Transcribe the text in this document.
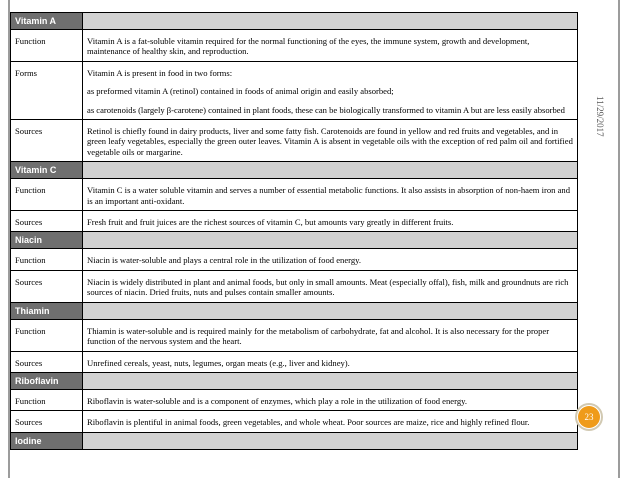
Vitamin A	
Function	Vitamin A is a fat-soluble vitamin required for the normal functioning of the eyes, the immune system, growth and development, maintenance of healthy skin, and reproduction.

Forms	Vitamin A is present in food in two forms:
as preformed vitamin A (retinol) contained in foods of animal origin and easily absorbed;
as carotenoids (largely β-carotene) contained in plant foods, these can be biologically transformed to vitamin A but are less easily absorbed

Sources	Retinol is chiefly found in dairy products, liver and some fatty fish. Carotenoids are found in yellow and red fruits and vegetables, and in green leafy vegetables, especially the green outer leaves. Vitamin A is absent in vegetable oils with the exception of red palm oil and fortified vegetable oils or margarine.

Vitamin C	
Function	Vitamin C is a water soluble vitamin and serves a number of essential metabolic functions. It also assists in absorption of non-haem iron and is an important anti-oxidant.

Sources	Fresh fruit and fruit juices are the richest sources of vitamin C, but amounts vary greatly in different fruits.

Niacin	
Function	Niacin is water-soluble and plays a central role in the utilization of food energy.

Sources	Niacin is widely distributed in plant and animal foods, but only in small amounts. Meat (especially offal), fish, milk and groundnuts are rich sources of niacin. Dried fruits, nuts and pulses contain smaller amounts.

Thiamin	
Function	Thiamin is water-soluble and is required mainly for the metabolism of carbohydrate, fat and alcohol. It is also necessary for the proper function of the nervous system and the heart.

Sources	Unrefined cereals, yeast, nuts, legumes, organ meats (e.g., liver and kidney).

Riboflavin	
Function	Riboflavin is water-soluble and is a component of enzymes, which play a role in the utilization of food energy.

Sources	Riboflavin is plentiful in animal foods, green vegetables, and whole wheat. Poor sources are maize, rice and highly refined flour.

Iodine	
11/29/2017
23
